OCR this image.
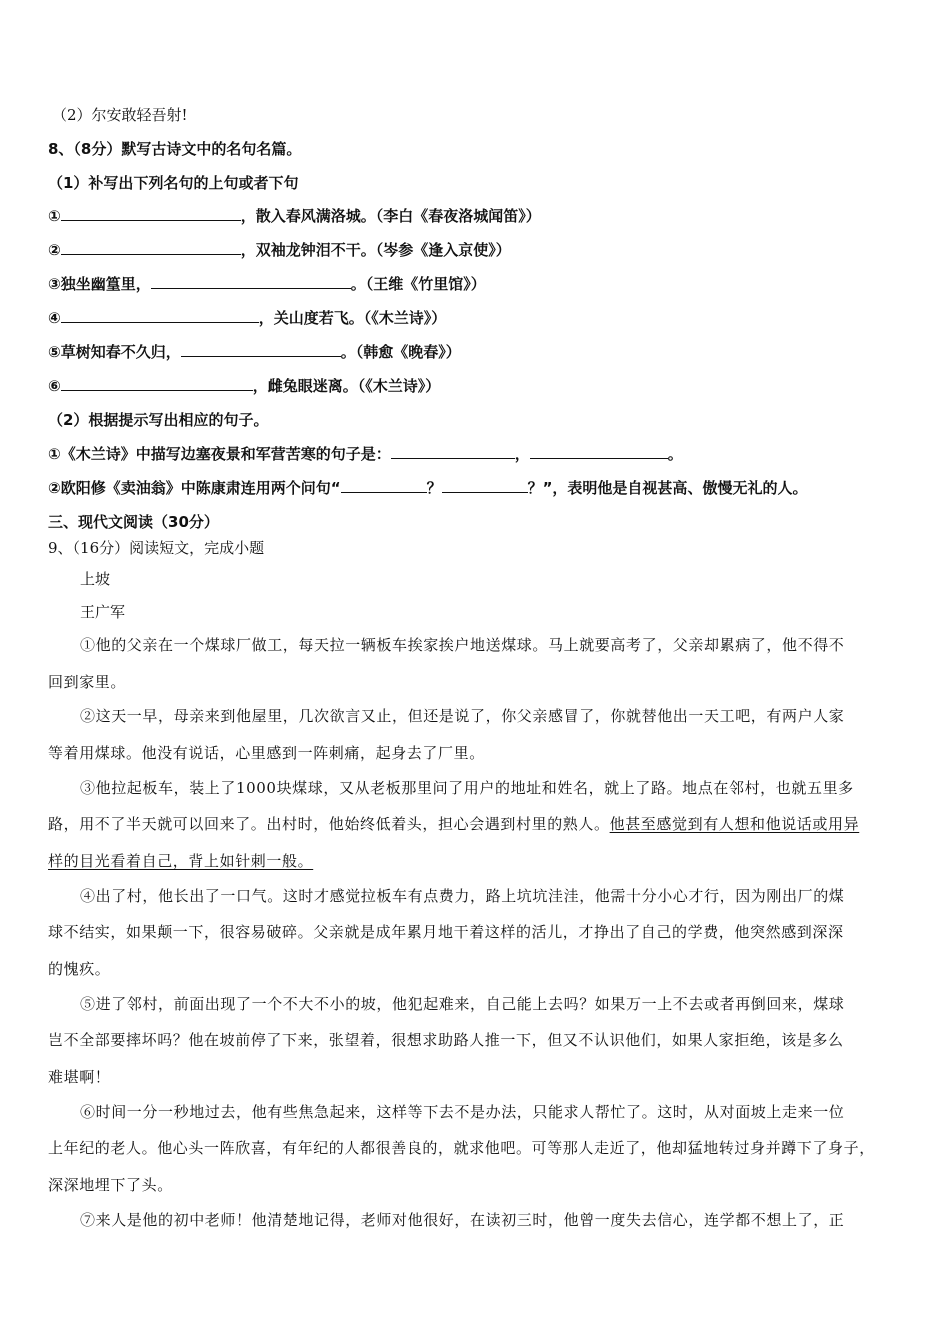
（2）尔安敢轻吾射!
8、（8分）默写古诗文中的名句名篇。
（1）补写出下列名句的上句或者下句
①	，散入春风满洛城。（李白《春夜洛城闻笛》）
②	，双袖龙钟泪不干。（岑参《逢入京使》）
③独坐幽篁里，	。（王维《竹里馆》）
④	，关山度若飞。（《木兰诗》）
⑤草树知春不久归，	。（韩愈《晚春》）
⑥	，雌兔眼迷离。（《木兰诗》）
（2）根据提示写出相应的句子。
①《木兰诗》中描写边塞夜景和军营苦寒的句子是：	，	。
②欧阳修《卖油翁》中陈康肃连用两个问句“	？	？”，表明他是自视甚高、傲慢无礼的人。
三、现代文阅读（30分）
9、（16分）阅读短文，完成小题
上坡
王广军
①他的父亲在一个煤球厂做工，每天拉一辆板车挨家挨户地送煤球。马上就要高考了，父亲却累病了，他不得不
回到家里。
②这天一早，母亲来到他屋里，几次欲言又止，但还是说了，你父亲感冒了，你就替他出一天工吧，有两户人家
等着用煤球。他没有说话，心里感到一阵刺痛，起身去了厂里。
③他拉起板车，装上了1000块煤球，又从老板那里问了用户的地址和姓名，就上了路。地点在邻村，也就五里多
路，用不了半天就可以回来了。出村时，他始终低着头，担心会遇到村里的熟人。他甚至感觉到有人想和他说话或用异
样的目光看着自己，背上如针刺一般。
④出了村，他长出了一口气。这时才感觉拉板车有点费力，路上坑坑洼洼，他需十分小心才行，因为刚出厂的煤
球不结实，如果颠一下，很容易破碎。父亲就是成年累月地干着这样的活儿，才挣出了自己的学费，他突然感到深深
的愧疚。
⑤进了邻村，前面出现了一个不大不小的坡，他犯起难来，自己能上去吗？如果万一上不去或者再倒回来，煤球
岂不全部要摔坏吗？他在坡前停了下来，张望着，很想求助路人推一下，但又不认识他们，如果人家拒绝，该是多么
难堪啊！
⑥时间一分一秒地过去，他有些焦急起来，这样等下去不是办法，只能求人帮忙了。这时，从对面坡上走来一位
上年纪的老人。他心头一阵欣喜，有年纪的人都很善良的，就求他吧。可等那人走近了，他却猛地转过身并蹲下了身子，
深深地埋下了头。
⑦来人是他的初中老师！他清楚地记得，老师对他很好，在读初三时，他曾一度失去信心，连学都不想上了，正
